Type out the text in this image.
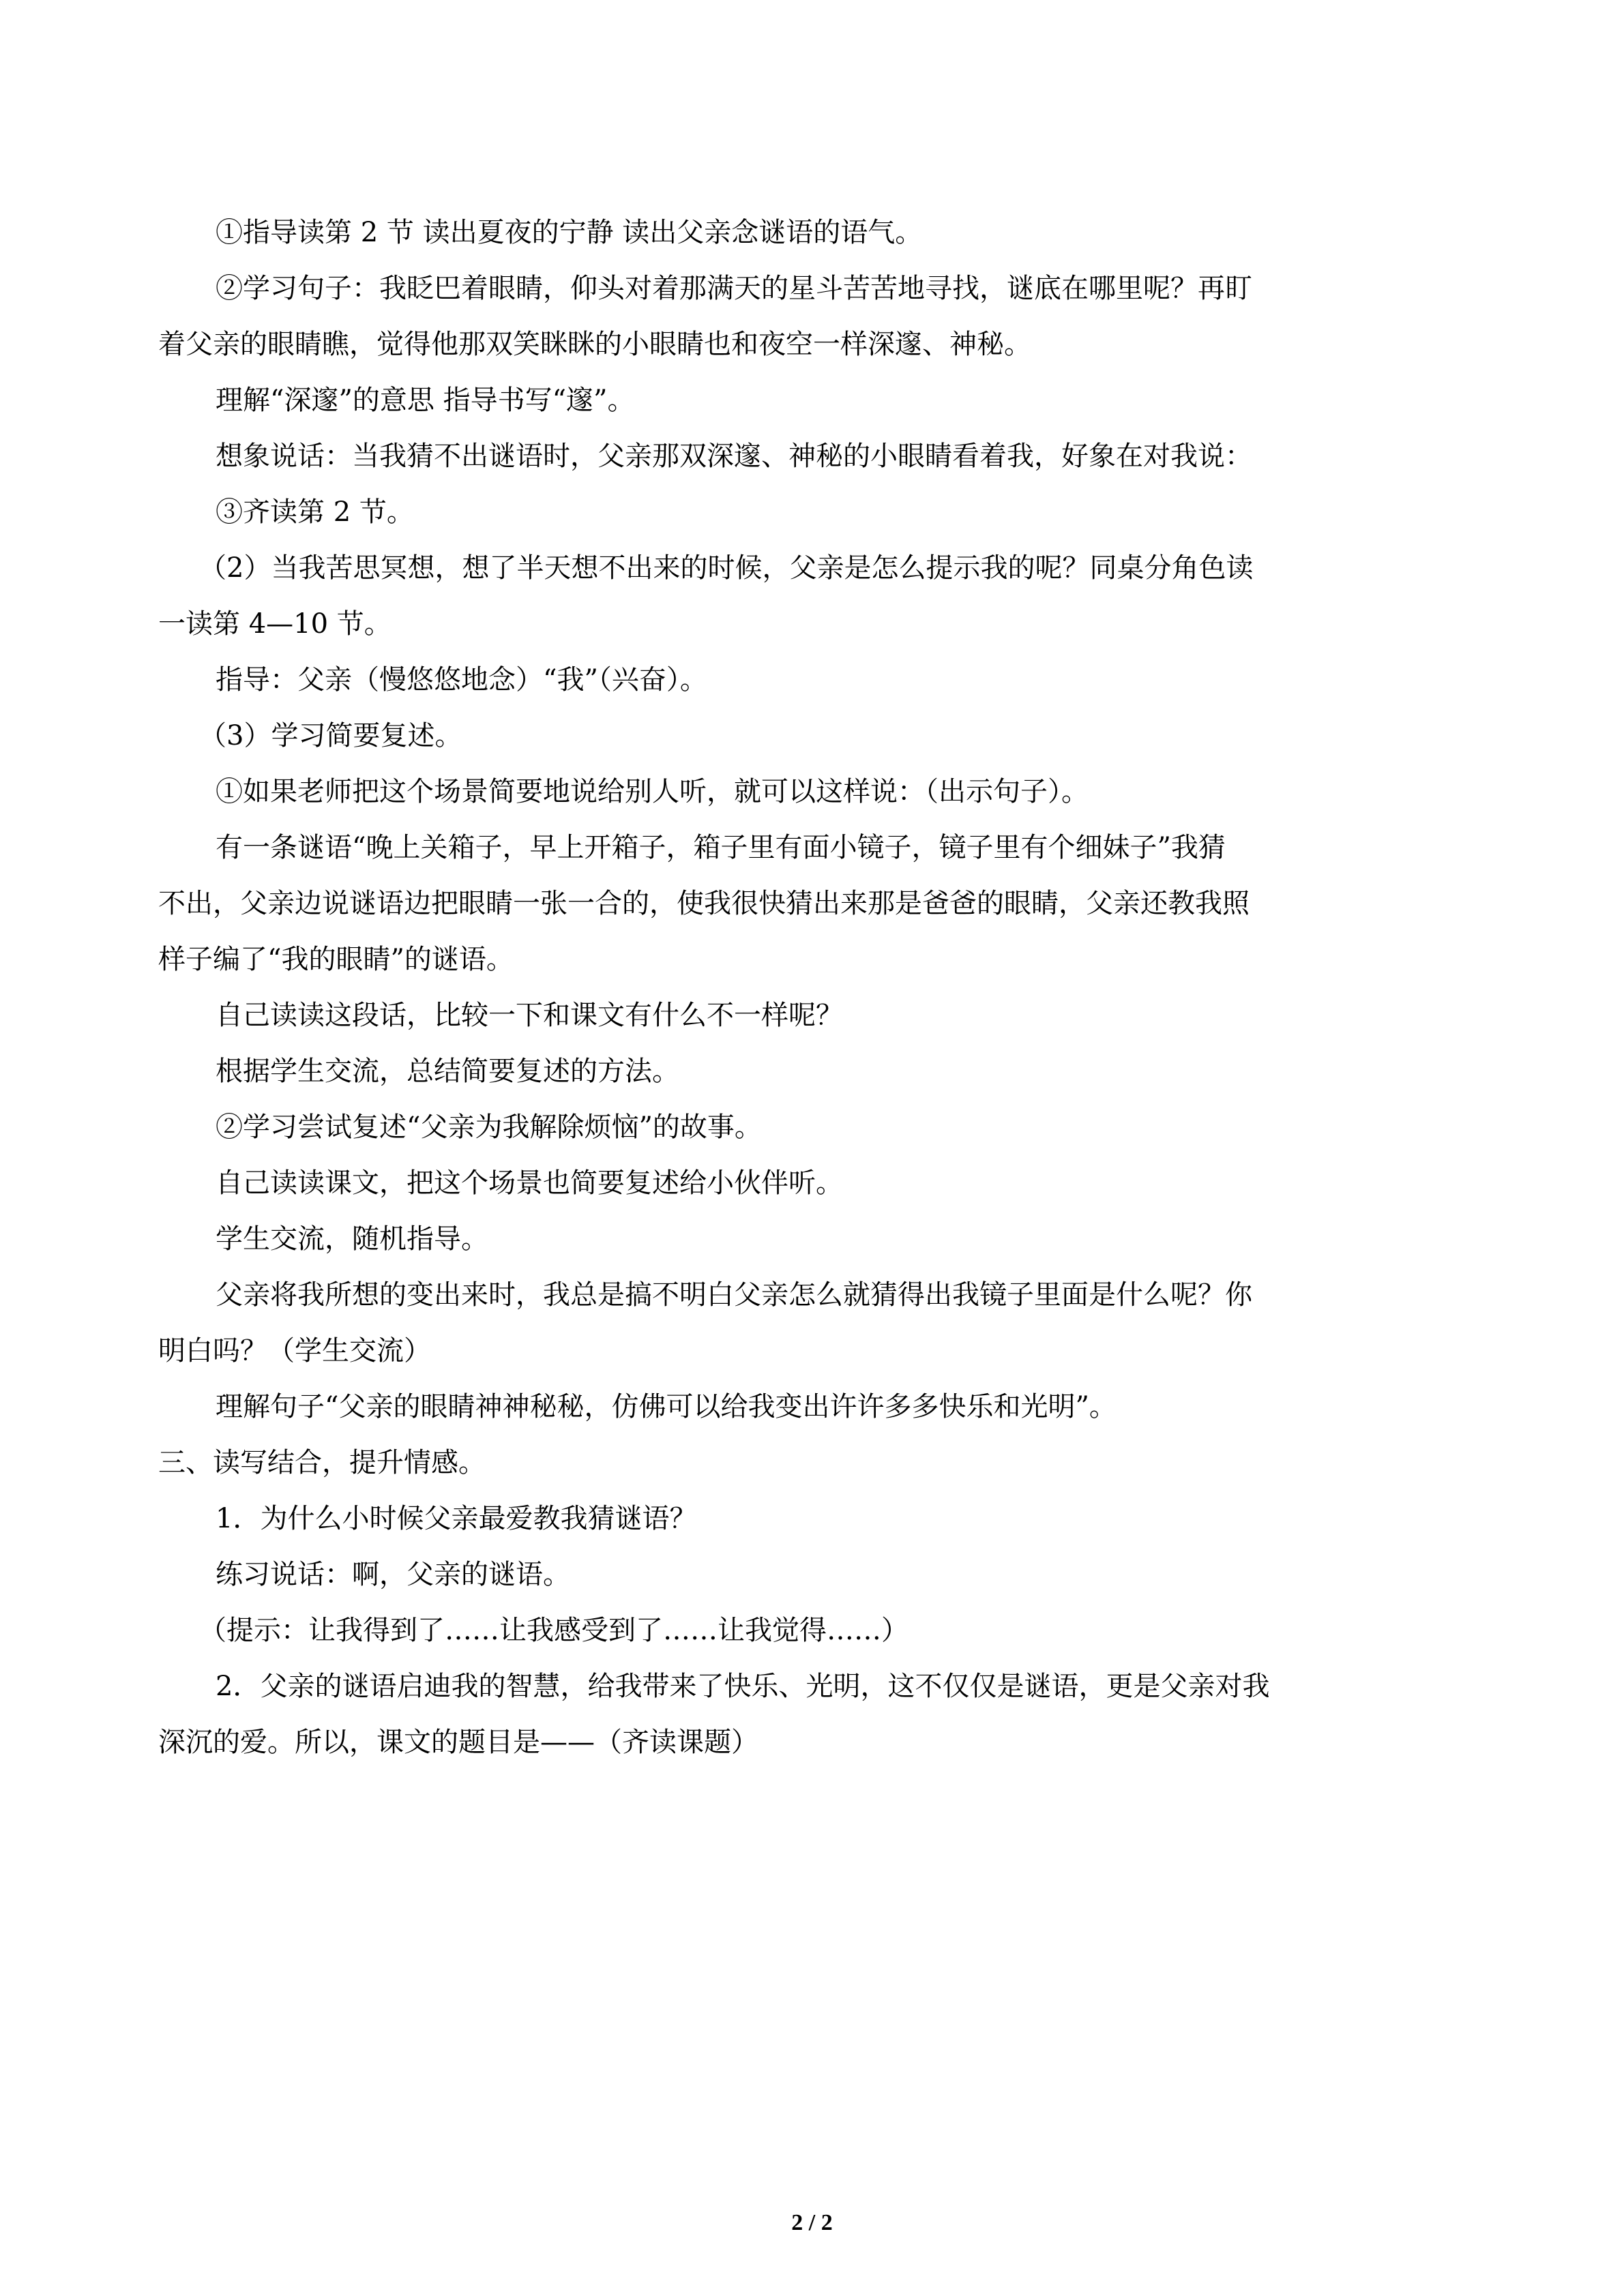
①指导读第 2 节 读出夏夜的宁静 读出父亲念谜语的语气。

②学习句子：我眨巴着眼睛，仰头对着那满天的星斗苦苦地寻找，谜底在哪里呢？再盯

着父亲的眼睛瞧，觉得他那双笑眯眯的小眼睛也和夜空一样深邃、神秘。

理解“深邃”的意思 指导书写“邃”。

想象说话：当我猜不出谜语时，父亲那双深邃、神秘的小眼睛看着我，好象在对我说：

③齐读第 2 节。

（2）当我苦思冥想，想了半天想不出来的时候，父亲是怎么提示我的呢？同桌分角色读

一读第 4—10 节。

指导：父亲（慢悠悠地念）“我”（兴奋）。

（3）学习简要复述。

①如果老师把这个场景简要地说给别人听，就可以这样说：（出示句子）。

有一条谜语“晚上关箱子，早上开箱子，箱子里有面小镜子，镜子里有个细妹子”我猜

不出，父亲边说谜语边把眼睛一张一合的，使我很快猜出来那是爸爸的眼睛，父亲还教我照

样子编了“我的眼睛”的谜语。

自己读读这段话，比较一下和课文有什么不一样呢？

根据学生交流，总结简要复述的方法。

②学习尝试复述“父亲为我解除烦恼”的故事。

自己读读课文，把这个场景也简要复述给小伙伴听。

学生交流，随机指导。

父亲将我所想的变出来时，我总是搞不明白父亲怎么就猜得出我镜子里面是什么呢？你

明白吗？（学生交流）

理解句子“父亲的眼睛神神秘秘，仿佛可以给我变出许许多多快乐和光明”。

三、读写结合，提升情感。

1．为什么小时候父亲最爱教我猜谜语？

练习说话：啊，父亲的谜语。

（提示：让我得到了……让我感受到了……让我觉得……）

2．父亲的谜语启迪我的智慧，给我带来了快乐、光明，这不仅仅是谜语，更是父亲对我

深沉的爱。所以，课文的题目是——（齐读课题）

2 / 2
